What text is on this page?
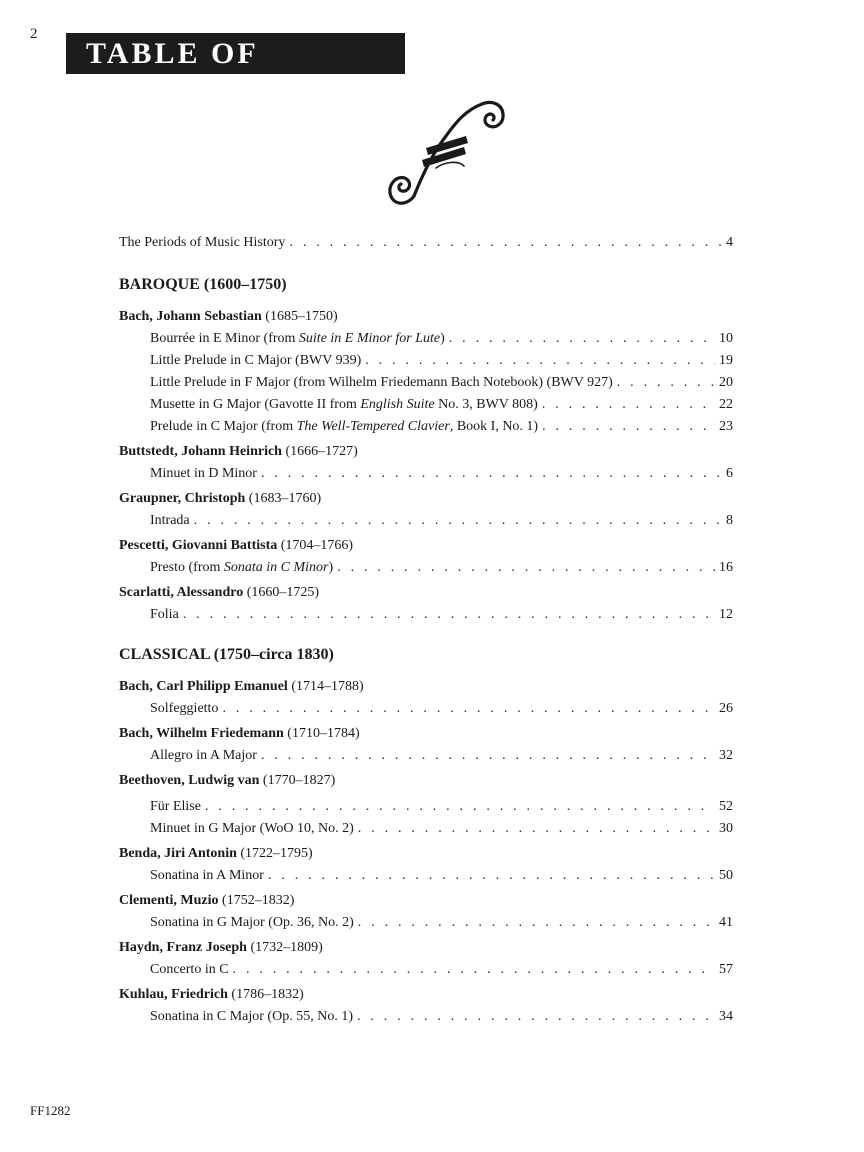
2
TABLE OF CONTENTS
The Periods of Music History . . .	4
BAROQUE (1600–1750)
Bach, Johann Sebastian (1685–1750)
Bourrée in E Minor (from Suite in E Minor for Lute) . . .	10
Little Prelude in C Major (BWV 939) . . .	19
Little Prelude in F Major (from Wilhelm Friedemann Bach Notebook) (BWV 927) . . .	20
Musette in G Major (Gavotte II from English Suite No. 3, BWV 808) . . .	22
Prelude in C Major (from The Well-Tempered Clavier, Book I, No. 1) . . .	23
Buttstedt, Johann Heinrich (1666–1727)
Minuet in D Minor . . .	6
Graupner, Christoph (1683–1760)
Intrada . . .	8
Pescetti, Giovanni Battista (1704–1766)
Presto (from Sonata in C Minor) . . .	16
Scarlatti, Alessandro (1660–1725)
Folia . . .	12
CLASSICAL (1750–circa 1830)
Bach, Carl Philipp Emanuel (1714–1788)
Solfeggietto . . .	26
Bach, Wilhelm Friedemann (1710–1784)
Allegro in A Major . . .	32
Beethoven, Ludwig van (1770–1827)
Für Elise . . .	52
Minuet in G Major (WoO 10, No. 2) . . .	30
Benda, Jiri Antonin (1722–1795)
Sonatina in A Minor . . .	50
Clementi, Muzio (1752–1832)
Sonatina in G Major (Op. 36, No. 2) . . .	41
Haydn, Franz Joseph (1732–1809)
Concerto in C . . .	57
Kuhlau, Friedrich (1786–1832)
Sonatina in C Major (Op. 55, No. 1) . . .	34
FF1282
